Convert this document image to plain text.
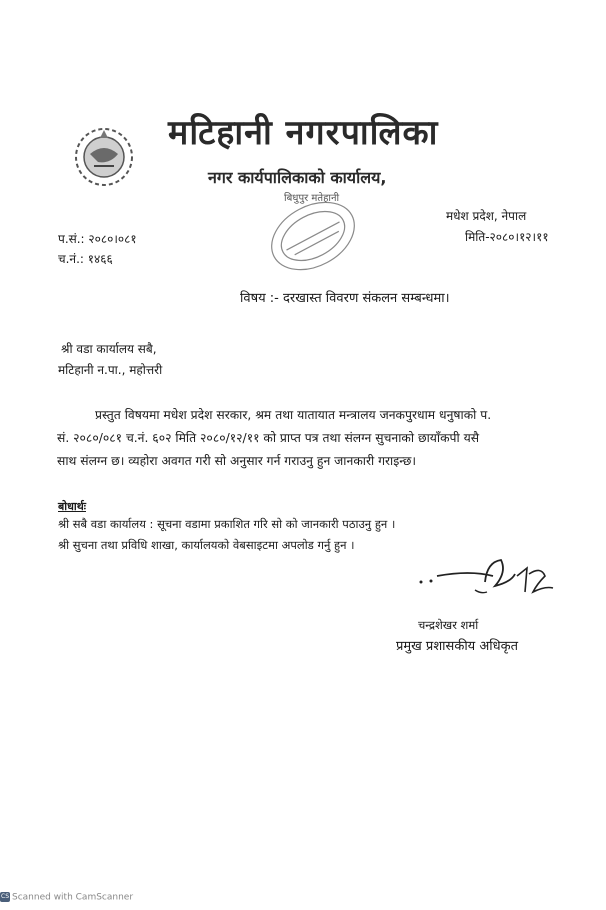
मटिहानी नगरपालिका
नगर कार्यपालिकाको कार्यालय,
बिधुपुर मतेहानी
मधेश प्रदेश, नेपाल
मिति-२०८०।१२।११
प.सं.: २०८०।०८१
च.नं.: १४६६
विषय :- दरखास्त विवरण संकलन सम्बन्धमा।
श्री वडा कार्यालय सबै,
मटिहानी न.पा., महोत्तरी
प्रस्तुत विषयमा मधेश प्रदेश सरकार, श्रम तथा यातायात मन्त्रालय जनकपुरधाम धनुषाको प. सं. २०८०/०८१ च.नं. ६०२ मिति २०८०/१२/११ को प्राप्त पत्र तथा संलग्न सुचनाको छायाँकपी यसै साथ संलग्न छ। व्यहोरा अवगत गरी सो अनुसार गर्न गराउनु हुन जानकारी गराइन्छ।
बोधार्थः
श्री सबै वडा कार्यालय : सूचना वडामा प्रकाशित गरि सो को जानकारी पठाउनु हुन ।
श्री सुचना तथा प्रविधि शाखा, कार्यालयको वेबसाइटमा अपलोड गर्नु हुन ।
चन्द्रशेखर शर्मा
प्रमुख प्रशासकीय अधिकृत
CS Scanned with CamScanner
